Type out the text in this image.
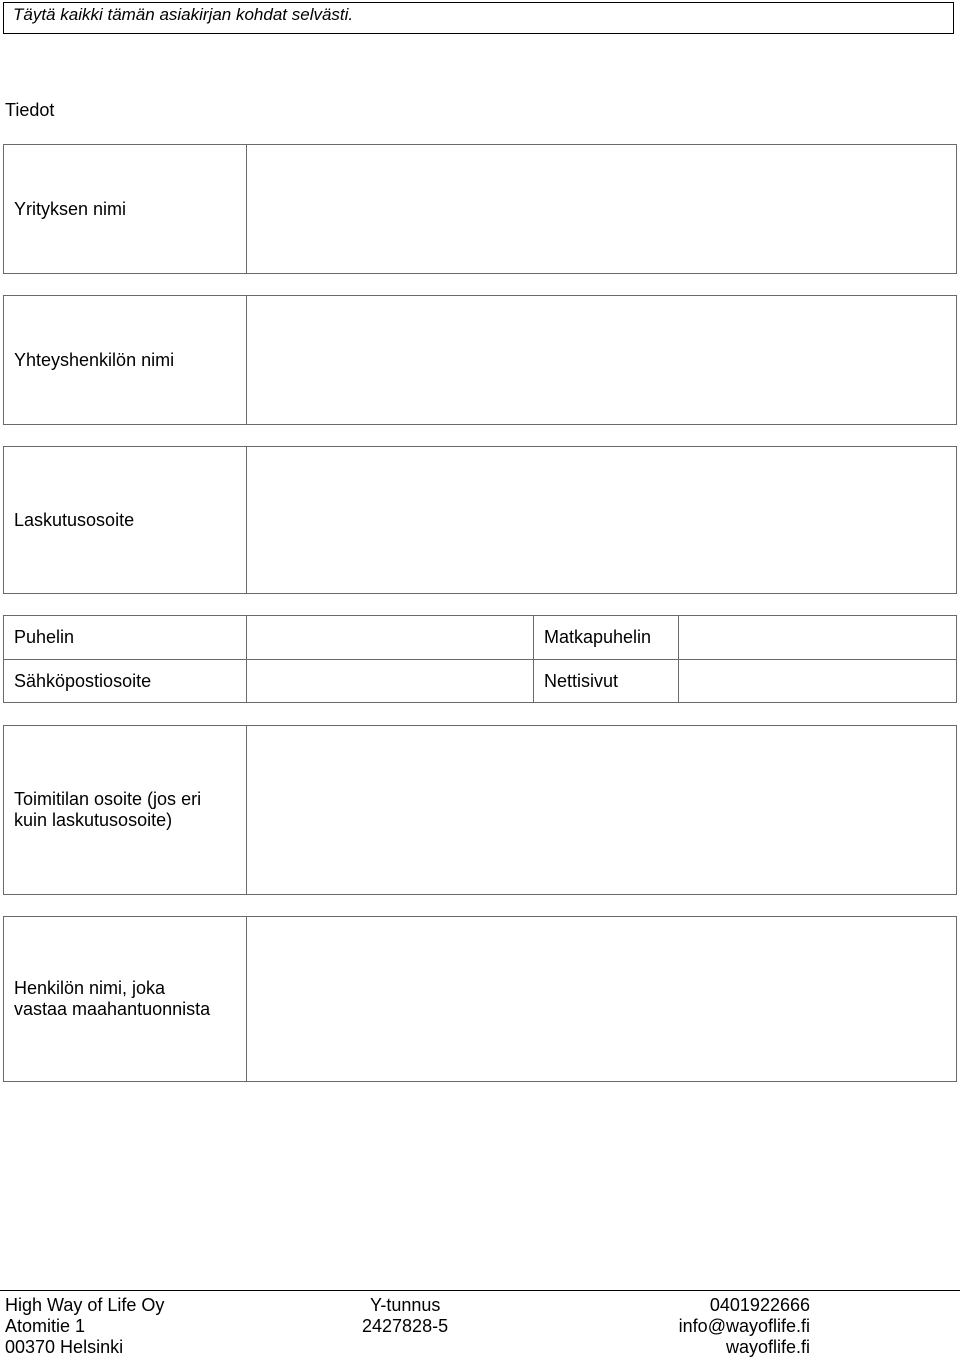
Täytä kaikki tämän asiakirjan kohdat selvästi.
Tiedot
Yrityksen nimi
Yhteyshenkilön nimi
Laskutusosoite
Puhelin	Matkapuhelin
Sähköpostiosoite	Nettisivut
Toimitilan osoite (jos eri
kuin laskutusosoite)
Henkilön nimi, joka
vastaa maahantuonnista
High Way of Life Oy
Atomitie 1
00370 Helsinki
Y-tunnus
2427828-5
0401922666
info@wayoflife.fi
wayoflife.fi
